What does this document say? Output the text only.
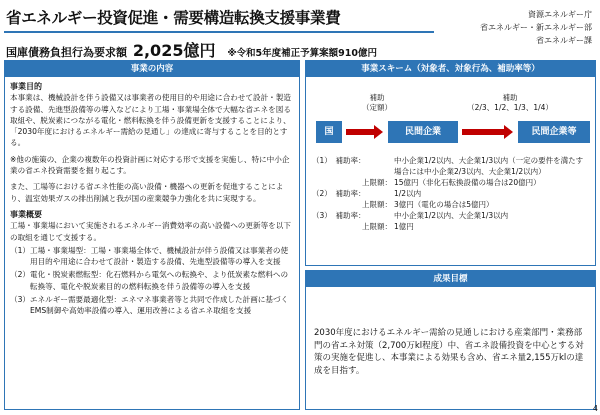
省エネルギー投資促進・需要構造転換支援事業費	資源エネルギー庁
省エネルギー・新エネルギー部
省エネルギー課
国庫債務負担行為要求額 2,025億円 ※令和5年度補正予算案額910億円
事業の内容
事業目的
本事業は、機械設計を伴う設備又は事業者の使用目的や用途に合わせて設計・製造する設備、先進型設備等の導入などにより工場・事業場全体で大幅な省エネを図る取組や、脱炭素につながる電化・燃料転換を伴う設備更新を支援することにより、「2030年度におけるエネルギー需給の見通し」の達成に寄与することを目的とする。
※他の施策の、企業の複数年の投資計画に対応する形で支援を実施し、特に中小企業の省エネ投資需要を掘り起こす。
また、工場等における省エネ性能の高い設備・機器への更新を促進することにより、温室効果ガスの排出削減と我が国の産業競争力強化を共に実現する。
事業概要
工場・事業場において実施されるエネルギー消費効率の高い設備への更新等を以下の取組を通じて支援する。
（1） 工場・事業場型：工場・事業場全体で、機械設計が伴う設備又は事業者の使用目的や用途に合わせて設計・製造する設備、先進型設備等の導入を支援
（2） 電化・脱炭素燃転型：化石燃料から電気への転換や、より低炭素な燃料への転換等、電化や脱炭素目的の燃料転換を伴う設備等の導入を支援
（3） エネルギー需要最適化型：エネマネ事業者等と共同で作成した計画に基づくEMS制御や高効率設備の導入、運用改善による省エネ取組を支援
事業スキーム（対象者、対象行為、補助率等）
補助
（定額）
補助
（2/3、1/2、1/3、1/4）
国	民間企業	民間企業等
（1）　補助率：	中小企業1/2以内、大企業1/3以内（一定の要件を満たす場合には中小企業2/3以内、大企業1/2以内）
上限額： 15億円（非化石転換設備の場合は20億円）
（2）　補助率：	1/2以内
上限額： 3億円（電化の場合は5億円）
（3）　補助率：	中小企業1/2以内、大企業1/3以内
上限額： 1億円
成果目標
2030年度におけるエネルギー需給の見通しにおける産業部門・業務部門の省エネ対策（2,700万kl程度）中、省エネ設備投資を中心とする対策の実施を促進し、本事業による効果も含め、省エネ量2,155万klの達成を目指す。
4
